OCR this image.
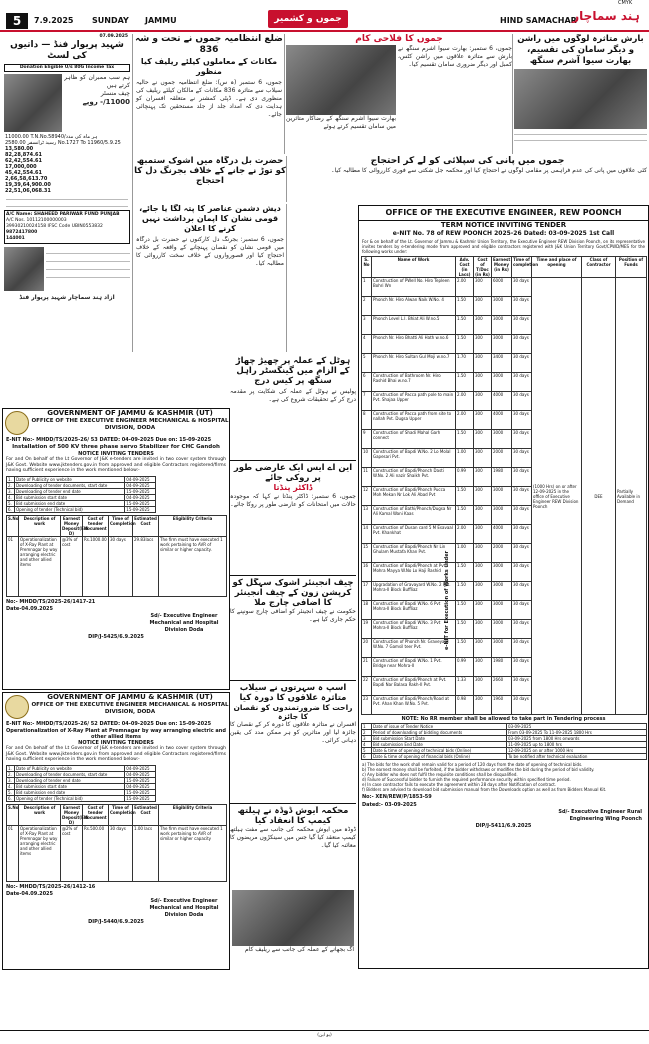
5	7.9.2025 SUNDAY JAMMU	جموں و کشمیر	HIND SAMACHAR
ہند سماچار
CMYK
07.09.2025
شہید پریوار فنڈ — داتیوں کی لسٹ
Donation Eligible U/s 80G Income Tax
ہم سب ممبران کو ظاہر کرتے ہیں
چیف منسٹر
11000/- روپے
11000.00 T.N.No.58940/ہر ماہ کی مدد
2580.00 رسید ٹرانسفر No.1727 To 11960/5.9.25
13,580.00
82,28,874.61
62,42,554.61
17,000,000
45,42,554.61
2,66,58,613.70
19,39,64,900.00
22,51,06,068.31
A/C Name: SHAHEED PARIWAR FUND PUNJAB
A/C Nos. 10112100000003
39930210024158 IFSC Code UBIN0553832
9872417800
144001
آزاد ہند سماچار شہید پریوار فنڈ
ضلع انتظامیہ جموں نے تحت و شہ 836
مکانات کے معاملوں کیلئے ریلیف کیا منظور
جموں، 6 ستمبر (ہ س): ضلع انتظامیہ جموں نے حالیہ سیلاب سے متاثرہ 836 مکانات کے مالکان کیلئے ریلیف کی منظوری دی ہے۔ ڈپٹی کمشنر نے متعلقہ افسران کو ہدایت دی کہ امداد جلد از جلد مستحقین تک پہنچائی جائے۔
جموں کا فلاحی کام
بھارت سیوا آشرم سنگھ کے رضاکار متاثرین میں سامان تقسیم کرتے ہوئے
جموں، 6 ستمبر: بھارت سیوا آشرم سنگھ نے بارش سے متاثرہ علاقوں میں راشن کٹس، کمبل اور دیگر ضروری سامان تقسیم کیا۔
بارش متاثرہ لوگوں میں راشن و دیگر سامان کی تقسیم، بھارت سیوا آشرم سنگھ
جموں میں پانی کی سپلائی کو لے کر احتجاج
کئی علاقوں میں پانی کی عدم فراہمی پر مقامی لوگوں نے احتجاج کیا اور محکمہ جل شکتی سے فوری کارروائی کا مطالبہ کیا۔
حضرت بل درگاہ میں اشوک ستمبھ کو توڑ نے جانے کے خلاف بجرنگ دل کا احتجاج
دیش دشمن عناصر کا پتہ لگا یا جائے، قومی نشان کا اپمان برداشت نہیں کرنے کا اعلان
جموں، 6 ستمبر: بجرنگ دل کارکنوں نے حضرت بل درگاہ میں قومی نشان کو نقصان پہنچانے کے واقعہ کے خلاف احتجاج کیا اور قصورواروں کے خلاف سخت کارروائی کا مطالبہ کیا۔
OFFICE OF THE EXECUTIVE ENGINEER, REW POONCH
TERM NOTICE INVITING TENDER
e-NIT No. 78 of REW POONCH 2025-26 Dated: 03-09-2025 1st Call
For & on behalf of the Lt. Governor of Jammu & Kashmir Union Territory, the Executive Engineer REW Division Poonch, on its representative invites tenders by e-tendering mode from approved and eligible contractors registered with J&K Union Territory Govt/CPWD/MES for the following works under:
S. No	Name of Work	Adv. Cost (in Lacs)	Cost of T/Doc (in Rs)	Earnest Money (in Rs)	Time of completion	Time and place of opening	Class of Contractor	Position of Funds
1	Construction of PWell No. Hiro Tepleen Bohri Wn	2.00	300	6000	30 days	(1000 Hrs) on or after 12-09-2025 in the office of Executive Engineer REW Division Poonch	DEE	Partially Available in Demand
2	Phonch Nr. Hiro Alwan Naik W.No. 4	1.50	300	3000	30 days			
3	Phonch Level L.I. Bhiat Ali W.no.5	1.50	300	3000	30 days			
4	Phonch Nr. Hiro Bhatti Ali Hath w.no.6	1.50	300	3000	30 days			
5	Phonch Nr. Hiro Sultan Gul Moji w.no.7	1.70	300	3400	30 days			
6	Construction of Bathroom Nr. Hiro Rashid Bhai w.no.7	1.50	300	3000	30 days			
7	Construction of Pacca path pole to main Pvt. Shajaa Upper	2.00	300	4000	30 days			
8	Construction of Pacca path from site to nallah Pvt. Dugsa Upper	2.00	300	4000	30 days			
9	Construction of Shadi Mahal Garh connect	1.50	300	3000	30 days			
10	Construction of Bapdi W.No. 2 Lo Molal Gapesari Pvt.	1.00	300	2000	30 days			
11	Construction of Bapdi/Phonch Dasti W.No. 2 Ali nazir Shaikh Pvt.	0.99	300	1980	30 days			
12	Construction of Bapdi/Phonch Pucca Moh Mekan Nr Lok Ali Abad Pvt	1.50	300	3000	30 days			
13	Construction of Bathi/Phonch/Dugsa Nr Ali Kamal Wani Kaas	1.50	300	3000	30 days			
14	Construction of Dusan card 5 M Esavaal Pvt. Khankhat	2.00	300	4000	30 days			
15	Construction of Bapdi/Phonch Nr Lin Ghulam Mustafa Khan Pvt.	1.00	300	2000	30 days			
16	Construction of Bapdi/Phonch at Pvt Mohra Mayya W.No Lo Haji Rashid	1.50	300	3000	30 days			
17	Upgradation of Gravayard W.No. 2 Pvt. Mohra-II Block Buffliaz	1.50	300	3000	30 days			
18	Construction of Bapdi W.No. 6 Pvt Mohra-II Block Buffliaz	1.50	300	3000	30 days			
19	Construction of Bapdi W.No. 3 Pvt Mohra-II Block Buffliaz	1.50	300	3000	30 days			
20	Construction of Phonch Nr. Graveyard W.No. 7 Gamsil teer Pvt.	1.50	300	3000	30 days			
21	Construction of Bapdi W.No. 1 Pvt. Bridge near Mohra-II	0.99	300	1980	30 days			
22	Construction of Bapdi/Phonch at Pvt. Bapdi Nar Balasa Rakh-II Pvt.	1.33	300	2660	30 days			
23	Construction of Bapdi/Phonch/Road at Pvt. Ahan Khan W.No. 5 Pvt.	0.98	300	1960	30 days			
NOTE: No RR member shall be allowed to take part in Tendering process
1	Date of issue of Tender Notice	03-09-2025
2	Period of downloading of bidding documents	From 03-09-2025 To 11-09-2025 1800 Hrs
3	Bid submission Start Date	03-09-2025 from 1800 Hrs onwards
4	Bid submission End Date	11-09-2025 up to 1800 hrs
5	Date & time of opening of technical bids (Online)	12-09-2025 on or after 1000 Hrs
6	Date & time of opening of financial bids (Online)	To be notified after technical evaluation
a) The bids for the work shall remain valid for a period of 120 days from the date of opening of technical bids.
b) The earnest money shall be forfeited, if the bidder withdraws or modifies the bid during the period of bid validity.
c) Any bidder who does not fulfil the requisite conditions shall be disqualified.
d) Failure of Successful bidder to furnish the required performance security within specified time period.
e) In case contractor fails to execute the agreement within 28 days after Notification of contract.
f) Bidders are advised to download bid submission manual from the Downloads option as well as from Bidders Manual Kit.
No:- XEN/REW/P/1853-59
Dated:- 03-09-2025
Sd/- Executive Engineer Rural Engineering Wing Poonch
DIP/J-5411/6.9.2025
ہوٹل کے عملہ پر چھیڑ چھاڑ کے الزام میں گینگسٹر راہل سنگھ پر کیس درج
پولیس نے ہوٹل کے عملہ کی شکایت پر مقدمہ درج کر کے تحقیقات شروع کی ہے۔
این اے ایس ایک عارضی طور پر روکی جائے
ڈاکٹر پنڈتا
جموں، 6 ستمبر: ڈاکٹر پنڈتا نے کہا کہ موجودہ حالات میں امتحانات کو عارضی طور پر روکا جائے۔
چیف انجینئر اشوک سہگل کو کرپشن زون کے چیف انجینئر کا اضافی چارج ملا
حکومت نے چیف انجینئر کو اضافی چارج سونپنے کا حکم جاری کیا ہے۔
اسپ ہ سہرتوں نے سیلاب متاثرہ علاقوں کا دورہ کیا
راحت کا ضرورتمندوں کو نقصان کا جائزہ
افسران نے متاثرہ علاقوں کا دورہ کر کے نقصان کا جائزہ لیا اور متاثرین کو ہر ممکن مدد کی یقین دہانی کرائی۔
محکمہ آیوش ڈوڈہ نے ہیلتھ کیمپ کا انعقاد کیا
ڈوڈہ میں آیوش محکمہ کی جانب سے مفت ہیلتھ کیمپ منعقد کیا گیا جس میں سینکڑوں مریضوں کا معائنہ کیا گیا۔
GOVERNMENT OF JAMMU & KASHMIR (UT)
OFFICE OF THE EXECUTIVE ENGINEER MECHANICAL & HOSPITAL DIVISION, DODA
E-NIT No:- MHDD/TS/2025-26/ 53 DATED: 04-09-2025 Due on: 15-09-2025
Installation of 500 KV three phase servo Stabilizer for CHC Gandoh
NOTICE INVITING TENDERS
For and On behalf of the Lt Governor of J&K e-tenders are invited in two cover system through J&K Govt. Website www.jktenders.gov.in from approved and eligible Contractors registered/firms having sufficient experience in the work mentioned below:-
1.	Date of Publicity on website	04-09-2025
2.	Downloading of tender documents, start date	04-09-2025
3.	Downloading of tender end date	15-09-2025
4.	Bid submission start date	04-09-2025
5.	Bid submission end date	15-09-2025
6.	Opening of tender (Technical bid)	15-09-2025
S.No	Description of work	Earnest Money Deposit(EM D)	Cost of tender document	Time of Completion	Estimated Cost	Eligibility Criteria
01	Operationalization of X-Ray Plant at Premnagar by way arranging electric and other allied items	@3% of cost	Rs.1000.00	30 days	29.83lacs	The firm must have executed 1 work pertaining to AVR of similar or higher capacity.
No:- MHDD/TS/2025-26/1417-21
Date-04.09.2025
Sd/- Executive Engineer Mechanical and Hospital Division Doda
DIP/J-5425/6.9.2025
GOVERNMENT OF JAMMU & KASHMIR (UT)
OFFICE OF THE EXECUTIVE ENGINEER MECHANICAL & HOSPITAL DIVISION, DODA
E-NIT No:- MHDD/TS/2025-26/ 52 DATED: 04-09-2025 Due on: 15-09-2025
Operationalization of X-Ray Plant at Premnagar by way arranging electric and other allied items
NOTICE INVITING TENDERS
For and On behalf of the Lt Governor of J&K e-tenders are invited in two cover system through J&K Govt. Website www.jktenders.gov.in from approved and eligible Contractors registered/firms having sufficient experience in the work mentioned below:-
1.	Date of Publicity on website	04-09-2025
2.	Downloading of tender documents, start date	04-09-2025
3.	Downloading of tender end date	15-09-2025
4.	Bid submission start date	04-09-2025
5.	Bid submission end date	15-09-2025
6.	Opening of tender (Technical bid)	15-09-2025
S.No	Description of work	Earnest Money Deposit(EM D)	Cost of tender document	Time of Completion	Estimated Cost	Eligibility Criteria
01	Operationalization of X-Ray Plant at Premnagar by way arranging electric and other allied items	@2% of cost	Rs.500.00	30 days	1.00 lacs	The firm must have executed 1 work pertaining to AVR of similar or higher capacity
No:- MHDD/TS/2025-26/1412-16
Date-04.09.2025
Sd/- Executive Engineer Mechanical and Hospital Division Doda
DIP/J-5440/6.9.2025
آگ بجھانے کے عملہ کی جانب سے ریلیف کام
(یو این)
e-NIT for Execution of Works under
